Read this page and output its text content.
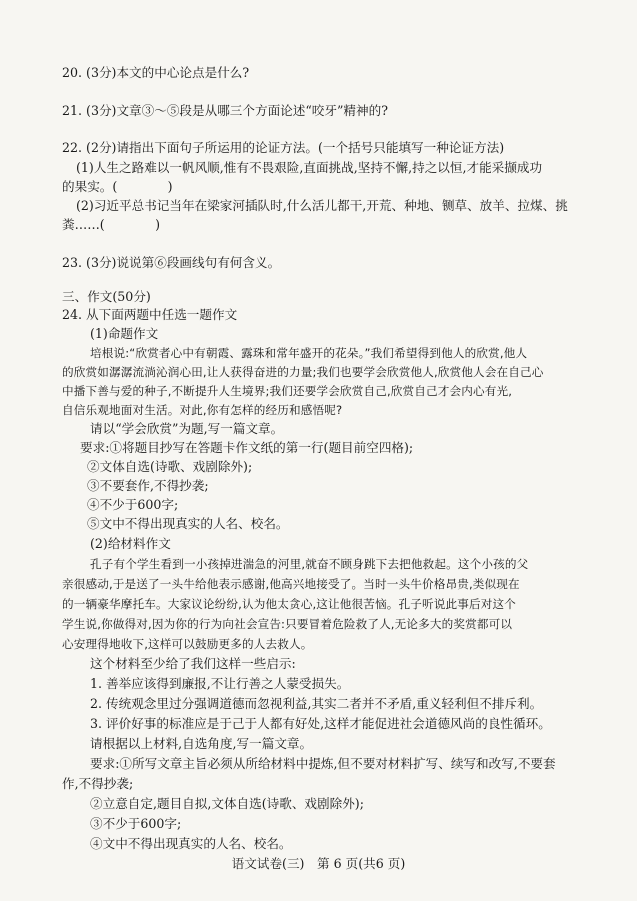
20. (3分)本文的中心论点是什么?
21. (3分)文章③～⑤段是从哪三个方面论述“咬牙”精神的?
22. (2分)请指出下面句子所运用的论证方法。(一个括号只能填写一种论证方法)
(1)人生之路难以一帆风顺,惟有不畏艰险,直面挑战,坚持不懈,持之以恒,才能采撷成功
的果实。(　　　　)
(2)习近平总书记当年在梁家河插队时,什么活儿都干,开荒、种地、铡草、放羊、拉煤、挑
粪……(　　　　)
23. (3分)说说第⑥段画线句有何含义。
三、作文(50分)
24. 从下面两题中任选一题作文
(1)命题作文
培根说:“欣赏者心中有朝霞、露珠和常年盛开的花朵。”我们希望得到他人的欣赏,他人
的欣赏如潺潺流淌沁润心田,让人获得奋进的力量;我们也要学会欣赏他人,欣赏他人会在自己心
中播下善与爱的种子,不断提升人生境界;我们还要学会欣赏自己,欣赏自己才会内心有光,
自信乐观地面对生活。对此,你有怎样的经历和感悟呢?
请以“学会欣赏”为题,写一篇文章。
要求:①将题目抄写在答题卡作文纸的第一行(题目前空四格);
②文体自选(诗歌、戏剧除外);
③不要套作,不得抄袭;
④不少于600字;
⑤文中不得出现真实的人名、校名。
(2)给材料作文
孔子有个学生看到一小孩掉进湍急的河里,就奋不顾身跳下去把他救起。这个小孩的父
亲很感动,于是送了一头牛给他表示感谢,他高兴地接受了。当时一头牛价格昂贵,类似现在
的一辆豪华摩托车。大家议论纷纷,认为他太贪心,这让他很苦恼。孔子听说此事后对这个
学生说,你做得对,因为你的行为向社会宣告:只要冒着危险救了人,无论多大的奖赏都可以
心安理得地收下,这样可以鼓励更多的人去救人。
这个材料至少给了我们这样一些启示:
1. 善举应该得到廉报,不让行善之人蒙受损失。
2. 传统观念里过分强调道德而忽视利益,其实二者并不矛盾,重义轻利但不排斥利。
3. 评价好事的标准应是于己于人都有好处,这样才能促进社会道德风尚的良性循环。
请根据以上材料,自选角度,写一篇文章。
要求:①所写文章主旨必须从所给材料中提炼,但不要对材料扩写、续写和改写,不要套
作,不得抄袭;
②立意自定,题目自拟,文体自选(诗歌、戏剧除外);
③不少于600字;
④文中不得出现真实的人名、校名。
语文试卷(三)　第 6 页(共6 页)
